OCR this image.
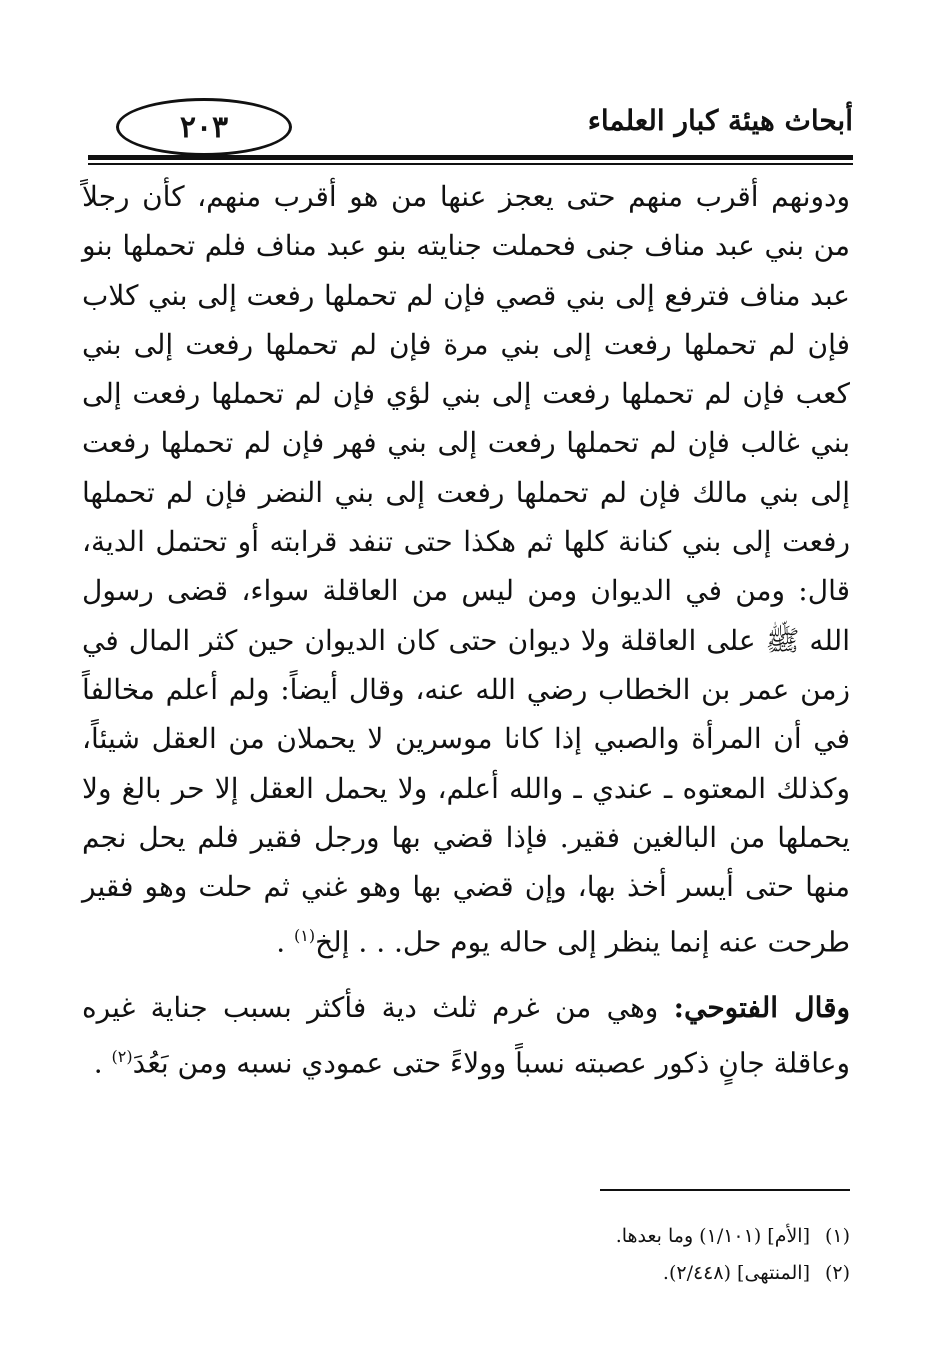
٢٠٣	أبحاث هيئة كبار العلماء

ودونهم أقرب منهم حتى يعجز عنها من هو أقرب منهم، كأن رجلاً من بني عبد مناف جنى فحملت جنايته بنو عبد مناف فلم تحملها بنو عبد مناف فترفع إلى بني قصي فإن لم تحملها رفعت إلى بني كلاب فإن لم تحملها رفعت إلى بني مرة فإن لم تحملها رفعت إلى بني كعب فإن لم تحملها رفعت إلى بني لؤي فإن لم تحملها رفعت إلى بني غالب فإن لم تحملها رفعت إلى بني فهر فإن لم تحملها رفعت إلى بني مالك فإن لم تحملها رفعت إلى بني النضر فإن لم تحملها رفعت إلى بني كنانة كلها ثم هكذا حتى تنفد قرابته أو تحتمل الدية، قال: ومن في الديوان ومن ليس من العاقلة سواء، قضى رسول الله ﷺ على العاقلة ولا ديوان حتى كان الديوان حين كثر المال في زمن عمر بن الخطاب رضي الله عنه، وقال أيضاً: ولم أعلم مخالفاً في أن المرأة والصبي إذا كانا موسرين لا يحملان من العقل شيئاً، وكذلك المعتوه ـ عندي ـ والله أعلم، ولا يحمل العقل إلا حر بالغ ولا يحملها من البالغين فقير. فإذا قضي بها ورجل فقير فلم يحل نجم منها حتى أيسر أخذ بها، وإن قضي بها وهو غني ثم حلت وهو فقير طرحت عنه إنما ينظر إلى حاله يوم حل. . . إلخ$^{(١)}$ .

وقال الفتوحي: وهي من غرم ثلث دية فأكثر بسبب جناية غيره وعاقلة جانٍ ذكور عصبته نسباً وولاءً حتى عمودي نسبه ومن بَعُدَ$^{(٢)}$ .

(١)[الأم] (١/١٠١) وما بعدها.
(٢)[المنتهى] (٢/٤٤٨).
